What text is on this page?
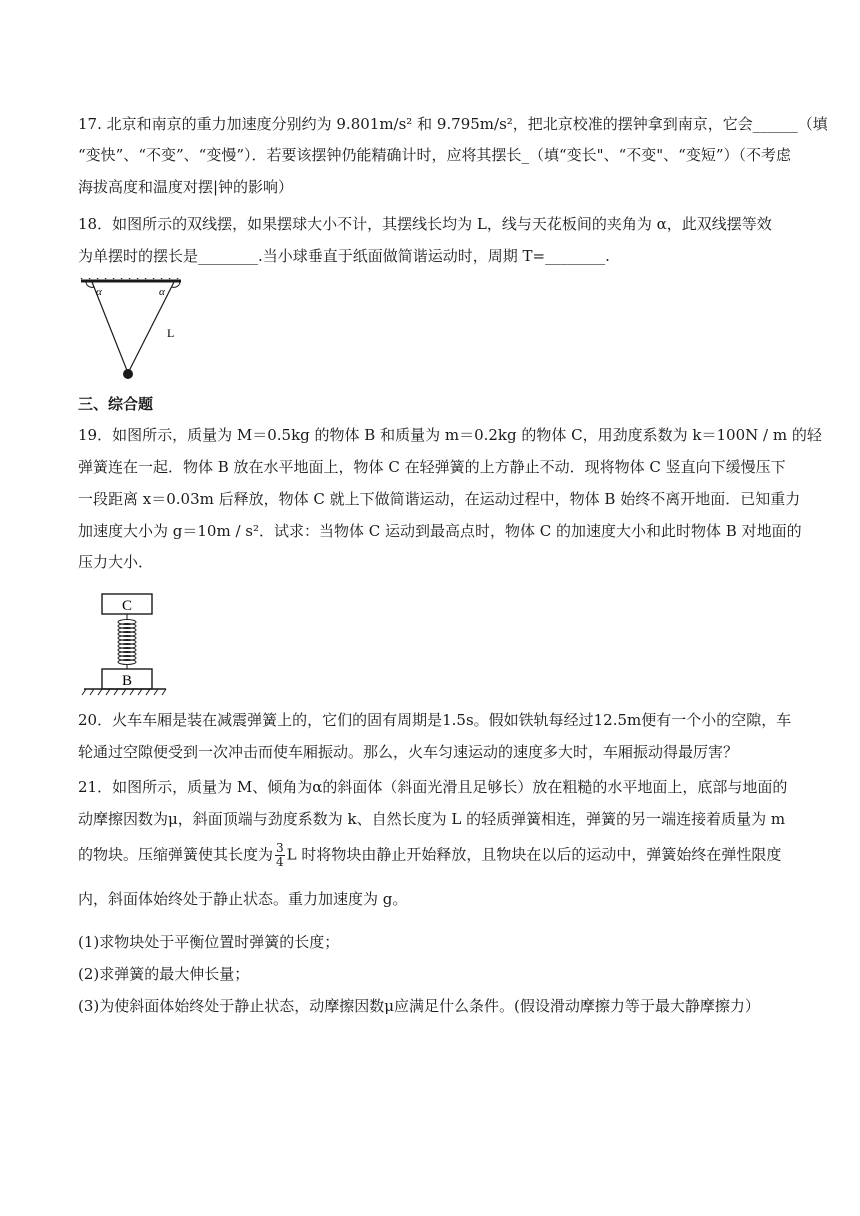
17. 北京和南京的重力加速度分别约为 9.801m/s² 和 9.795m/s²，把北京校准的摆钟拿到南京，它会______（填
“变快”、“不变”、“变慢”）．若要该摆钟仍能精确计时，应将其摆长_（填“变长"、“不变"、“变短”）（不考虑
海拔高度和温度对摆|钟的影响）
18．如图所示的双线摆，如果摆球大小不计，其摆线长均为 L，线与天花板间的夹角为 α，此双线摆等效
为单摆时的摆长是________.当小球垂直于纸面做简谐运动时，周期 T=________.
α	α
L
三、综合题
19．如图所示，质量为 M＝0.5kg 的物体 B 和质量为 m＝0.2kg 的物体 C，用劲度系数为 k＝100N / m 的轻
弹簧连在一起．物体 B 放在水平地面上，物体 C 在轻弹簧的上方静止不动．现将物体 C 竖直向下缓慢压下
一段距离 x＝0.03m 后释放，物体 C 就上下做简谐运动，在运动过程中，物体 B 始终不离开地面．已知重力
加速度大小为 g＝10m / s²．试求：当物体 C 运动到最高点时，物体 C 的加速度大小和此时物体 B 对地面的
压力大小．
C
B
20．火车车厢是装在减震弹簧上的，它们的固有周期是1.5s。假如铁轨每经过12.5m便有一个小的空隙，车
轮通过空隙便受到一次冲击而使车厢振动。那么，火车匀速运动的速度多大时，车厢振动得最厉害？
21．如图所示，质量为 M、倾角为α的斜面体（斜面光滑且足够长）放在粗糙的水平地面上，底部与地面的
动摩擦因数为μ，斜面顶端与劲度系数为 k、自然长度为 L 的轻质弹簧相连，弹簧的另一端连接着质量为 m
的物块。压缩弹簧使其长度为 $\frac{3}{4}$ L 时将物块由静止开始释放，且物块在以后的运动中，弹簧始终在弹性限度
内，斜面体始终处于静止状态。重力加速度为 g。
(1)求物块处于平衡位置时弹簧的长度；
(2)求弹簧的最大伸长量；
(3)为使斜面体始终处于静止状态，动摩擦因数μ应满足什么条件。(假设滑动摩擦力等于最大静摩擦力）
